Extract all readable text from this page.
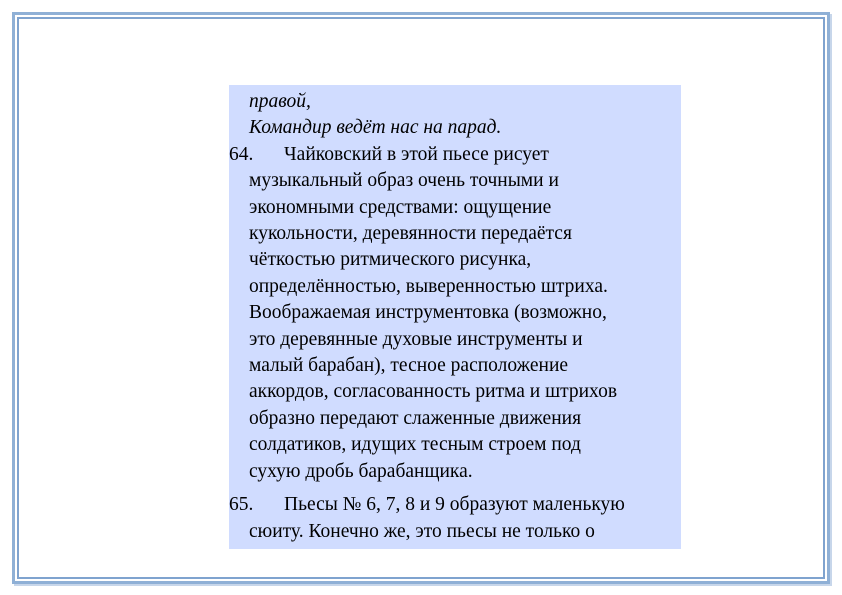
правой,

Командир ведёт нас на парад.

64. Чайковский в этой пьесе рисует
музыкальный образ очень точными и
экономными средствами: ощущение
кукольности, деревянности передаётся
чёткостью ритмического рисунка,
определённостью, выверенностью штриха.
Воображаемая инструментовка (возможно,
это деревянные духовые инструменты и
малый барабан), тесное расположение
аккордов, согласованность ритма и штрихов
образно передают слаженные движения
солдатиков, идущих тесным строем под
сухую дробь барабанщика.
65. Пьесы № 6, 7, 8 и 9 образуют маленькую
сюиту. Конечно же, это пьесы не только о
